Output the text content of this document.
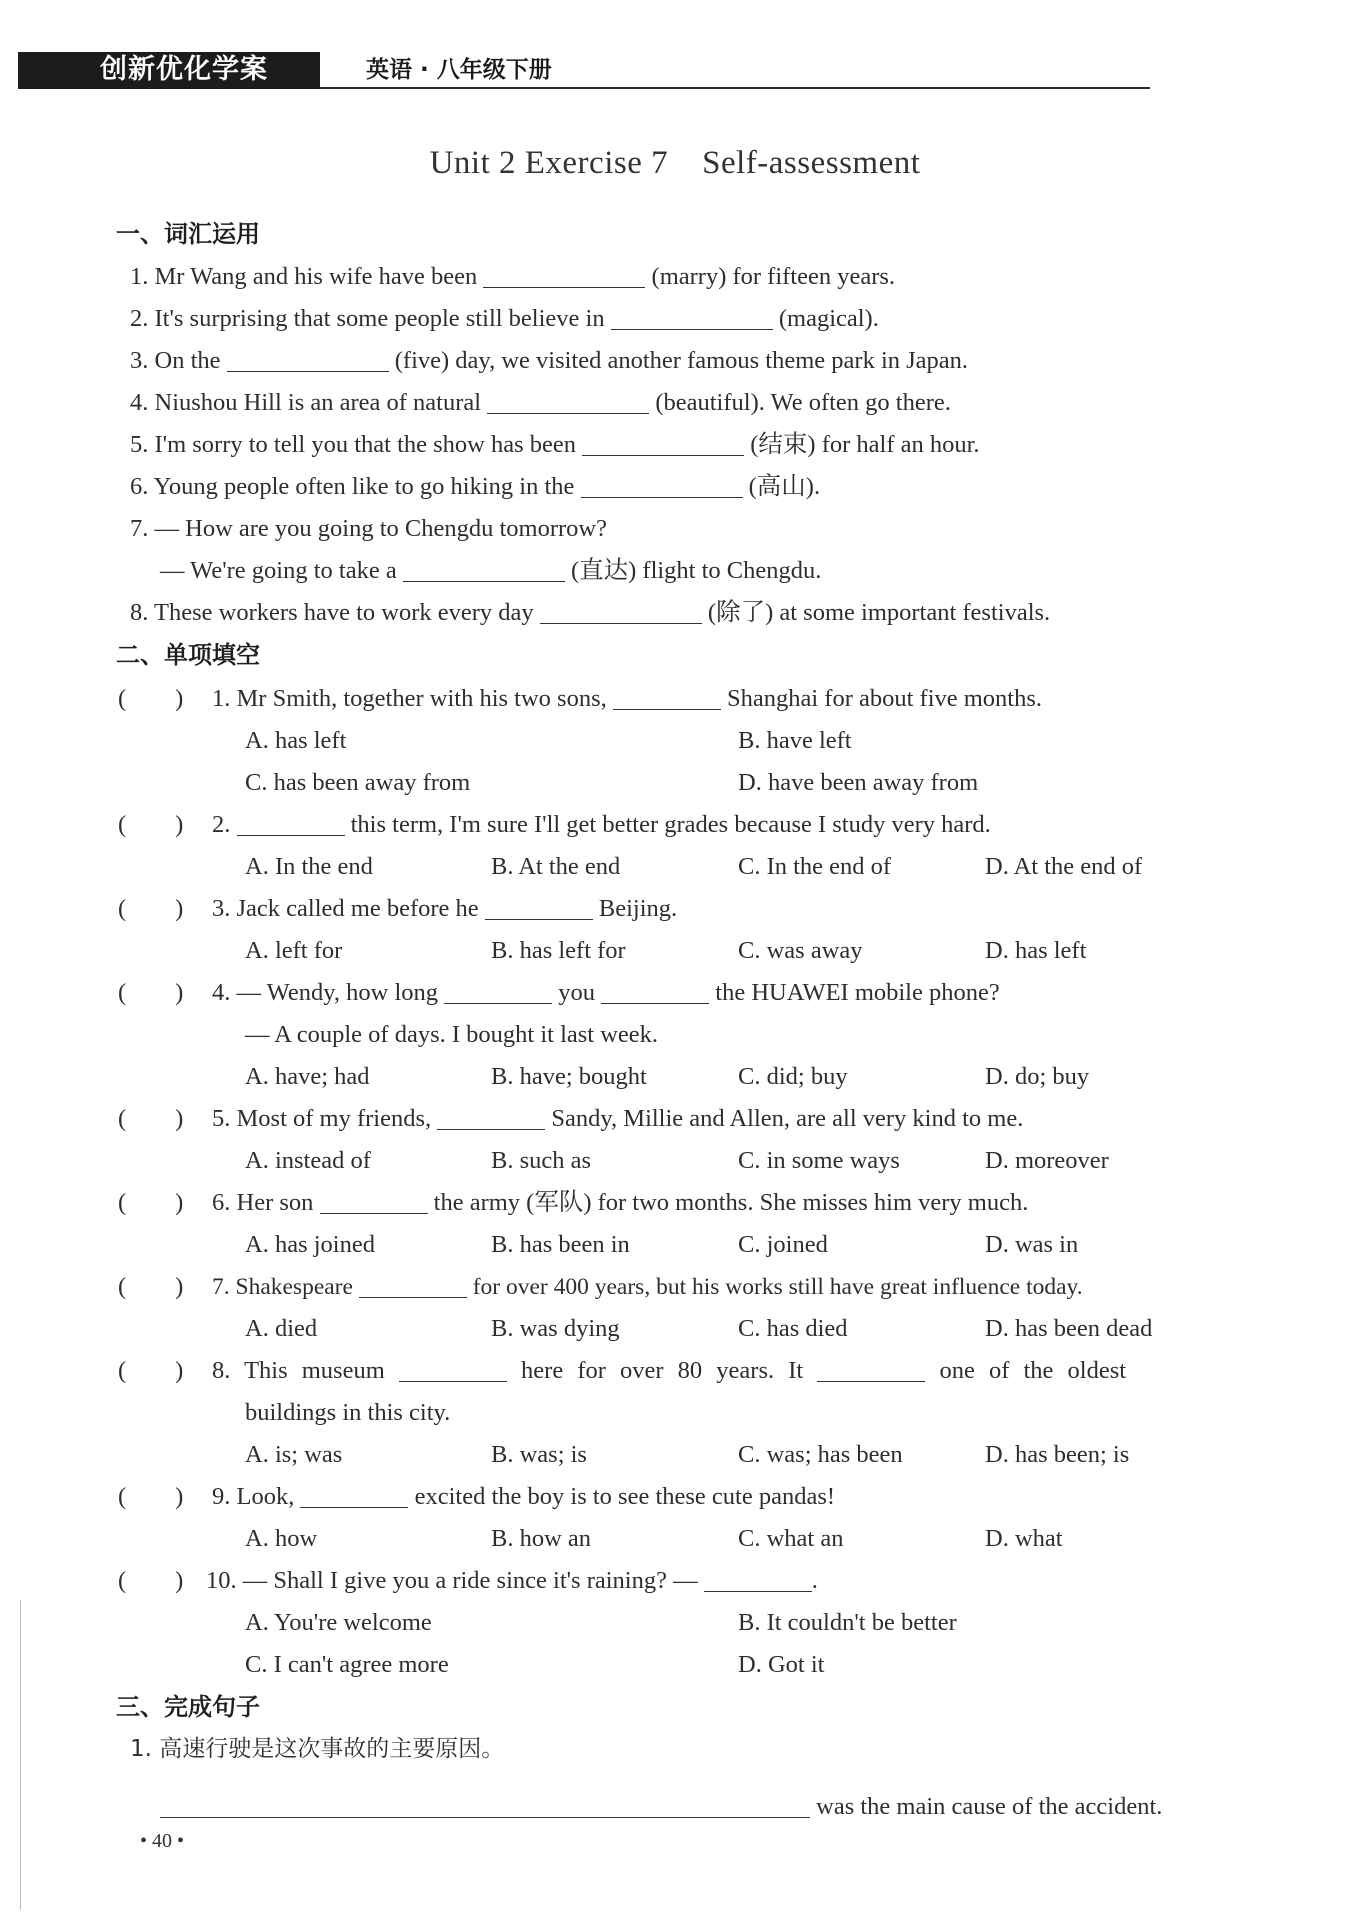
创新优化学案	英语 · 八年级下册
Unit 2 Exercise 7 Self-assessment
一、词汇运用
1. Mr Wang and his wife have been	(marry) for fifteen years.
2. It's surprising that some people still believe in	(magical).
3. On the	(five) day, we visited another famous theme park in Japan.
4. Niushou Hill is an area of natural	(beautiful). We often go there.
5. I'm sorry to tell you that the show has been	(结束) for half an hour.
6. Young people often like to go hiking in the	(高山).
7. — How are you going to Chengdu tomorrow?
— We're going to take a	(直达) flight to Chengdu.
8. These workers have to work every day	(除了) at some important festivals.
二、单项填空
(　　) 1. Mr Smith, together with his two sons,	Shanghai for about five months.
A. has left	B. have left
C. has been away from	D. have been away from
(　　) 2.	this term, I'm sure I'll get better grades because I study very hard.
A. In the end	B. At the end	C. In the end of	D. At the end of
(　　) 3. Jack called me before he	Beijing.
A. left for	B. has left for	C. was away	D. has left
(　　) 4. — Wendy, how long	you	the HUAWEI mobile phone?
— A couple of days. I bought it last week.
A. have; had	B. have; bought	C. did; buy	D. do; buy
(　　) 5. Most of my friends,	Sandy, Millie and Allen, are all very kind to me.
A. instead of	B. such as	C. in some ways	D. moreover
(　　) 6. Her son	the army (军队) for two months. She misses him very much.
A. has joined	B. has been in	C. joined	D. was in
(　　) 7. Shakespeare	for over 400 years, but his works still have great influence today.
A. died	B. was dying	C. has died	D. has been dead
(　　) 8. This museum	here for over 80 years. It	one of the oldest
buildings in this city.
A. is; was	B. was; is	C. was; has been	D. has been; is
(　　) 9. Look,	excited the boy is to see these cute pandas!
A. how	B. how an	C. what an	D. what
(　　) 10. — Shall I give you a ride since it's raining? —	.
A. You're welcome	B. It couldn't be better
C. I can't agree more	D. Got it
三、完成句子
1. 高速行驶是这次事故的主要原因。
was the main cause of the accident.
• 40 •
